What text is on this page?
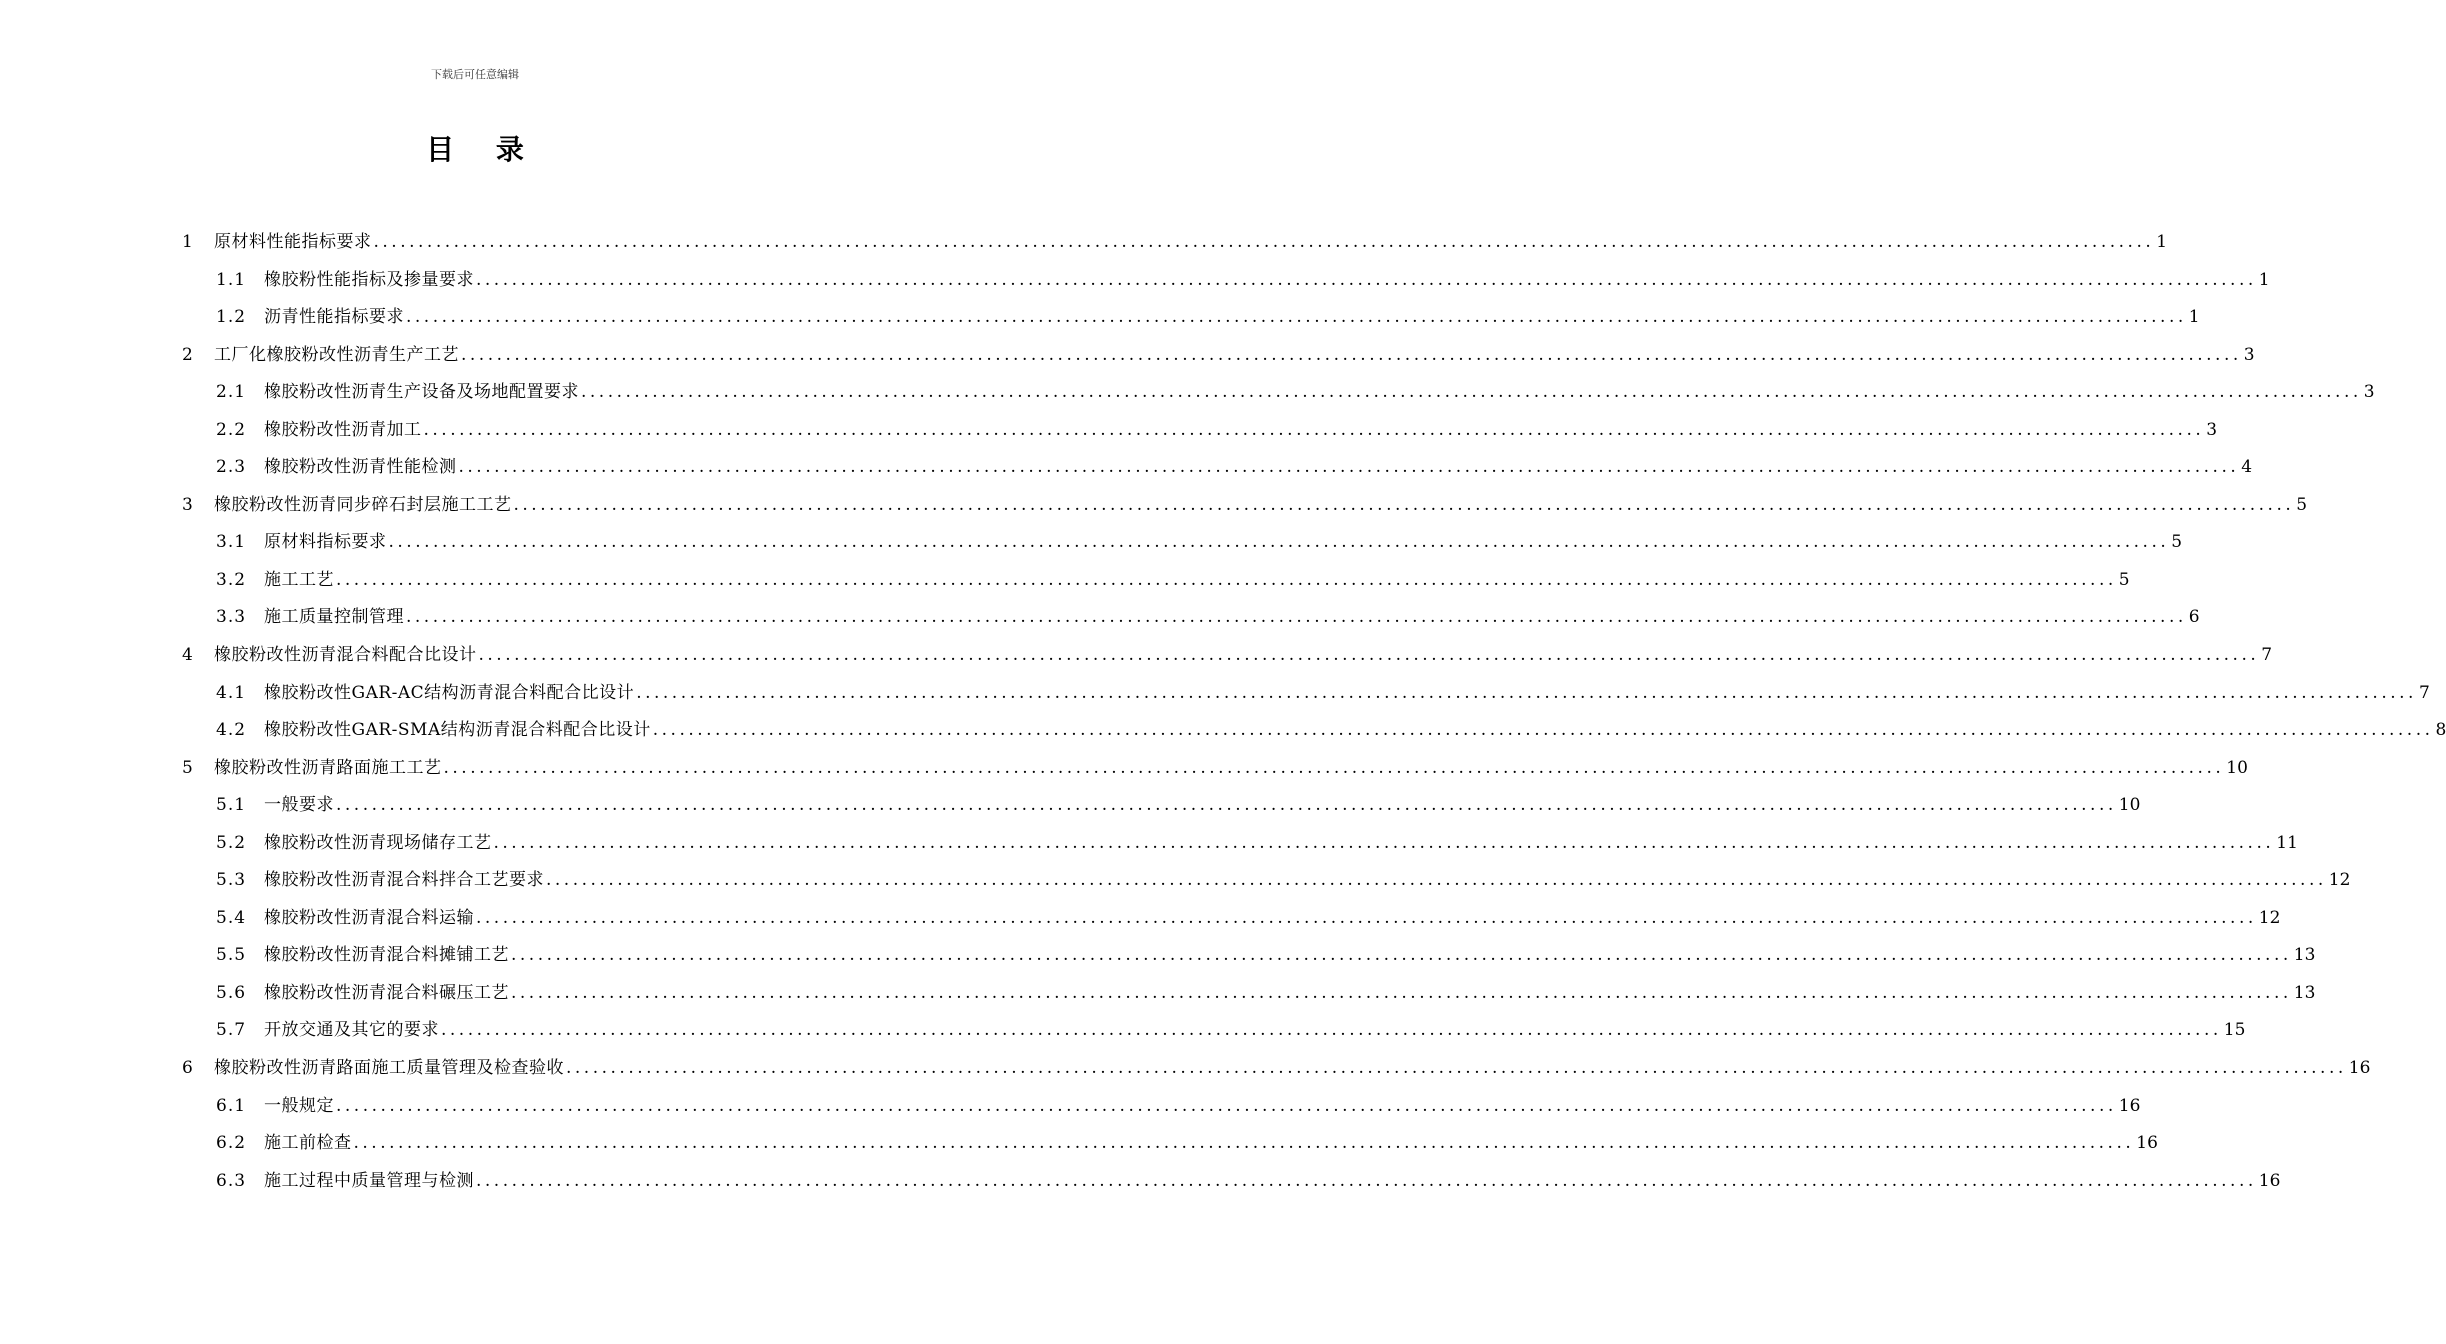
下载后可任意编辑
目 录
1	原材料性能指标要求 ........................................................................................................................................................................................................ 1
1.1	橡胶粉性能指标及掺量要求 ........................................................................................................................................................................................................ 1
1.2	沥青性能指标要求 ........................................................................................................................................................................................................ 1
2	工厂化橡胶粉改性沥青生产工艺 ........................................................................................................................................................................................................ 3
2.1	橡胶粉改性沥青生产设备及场地配置要求 ........................................................................................................................................................................................................ 3
2.2	橡胶粉改性沥青加工 ........................................................................................................................................................................................................ 3
2.3	橡胶粉改性沥青性能检测 ........................................................................................................................................................................................................ 4
3	橡胶粉改性沥青同步碎石封层施工工艺 ........................................................................................................................................................................................................ 5
3.1	原材料指标要求 ........................................................................................................................................................................................................ 5
3.2	施工工艺 ........................................................................................................................................................................................................ 5
3.3	施工质量控制管理 ........................................................................................................................................................................................................ 6
4	橡胶粉改性沥青混合料配合比设计 ........................................................................................................................................................................................................ 7
4.1	橡胶粉改性GAR-AC结构沥青混合料配合比设计 ........................................................................................................................................................................................................ 7
4.2	橡胶粉改性GAR-SMA结构沥青混合料配合比设计 ........................................................................................................................................................................................................ 8
5	橡胶粉改性沥青路面施工工艺 ........................................................................................................................................................................................................ 10
5.1	一般要求 ........................................................................................................................................................................................................ 10
5.2	橡胶粉改性沥青现场储存工艺 ........................................................................................................................................................................................................ 11
5.3	橡胶粉改性沥青混合料拌合工艺要求 ........................................................................................................................................................................................................ 12
5.4	橡胶粉改性沥青混合料运输 ........................................................................................................................................................................................................ 12
5.5	橡胶粉改性沥青混合料摊铺工艺 ........................................................................................................................................................................................................ 13
5.6	橡胶粉改性沥青混合料碾压工艺 ........................................................................................................................................................................................................ 13
5.7	开放交通及其它的要求 ........................................................................................................................................................................................................ 15
6	橡胶粉改性沥青路面施工质量管理及检查验收 ........................................................................................................................................................................................................ 16
6.1	一般规定 ........................................................................................................................................................................................................ 16
6.2	施工前检查 ........................................................................................................................................................................................................ 16
6.3	施工过程中质量管理与检测 ........................................................................................................................................................................................................ 16
